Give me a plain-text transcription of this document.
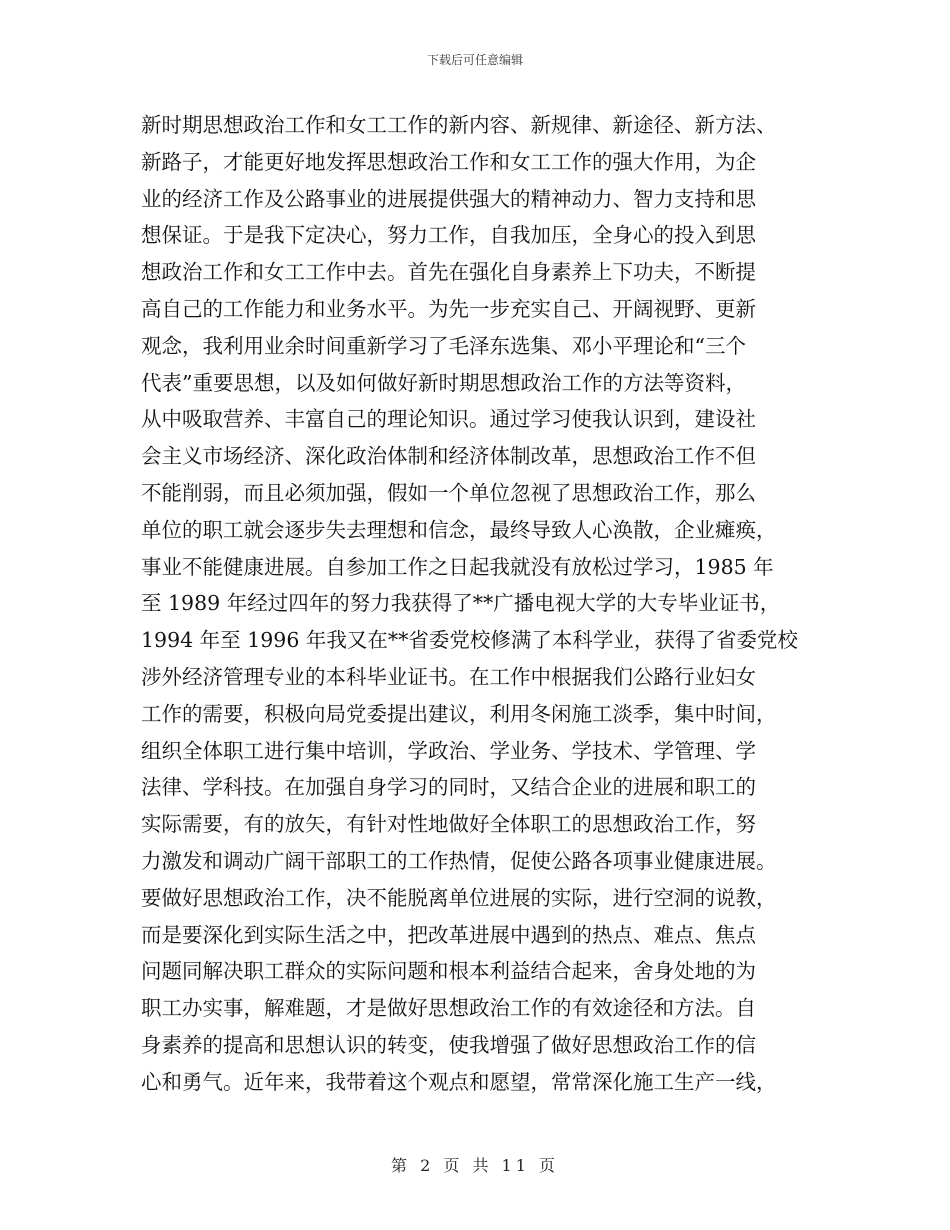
下载后可任意编辑
新时期思想政治工作和女工工作的新内容、新规律、新途径、新方法、
新路子，才能更好地发挥思想政治工作和女工工作的强大作用，为企
业的经济工作及公路事业的进展提供强大的精神动力、智力支持和思
想保证。于是我下定决心，努力工作，自我加压，全身心的投入到思
想政治工作和女工工作中去。首先在强化自身素养上下功夫，不断提
高自己的工作能力和业务水平。为先一步充实自己、开阔视野、更新
观念，我利用业余时间重新学习了毛泽东选集、邓小平理论和“三个
代表”重要思想，以及如何做好新时期思想政治工作的方法等资料，
从中吸取营养、丰富自己的理论知识。通过学习使我认识到，建设社
会主义市场经济、深化政治体制和经济体制改革，思想政治工作不但
不能削弱，而且必须加强，假如一个单位忽视了思想政治工作，那么
单位的职工就会逐步失去理想和信念，最终导致人心涣散，企业瘫痪，
事业不能健康进展。自参加工作之日起我就没有放松过学习，1985 年
至 1989 年经过四年的努力我获得了**广播电视大学的大专毕业证书，
1994 年至 1996 年我又在**省委党校修满了本科学业，获得了省委党校
涉外经济管理专业的本科毕业证书。在工作中根据我们公路行业妇女
工作的需要，积极向局党委提出建议，利用冬闲施工淡季，集中时间，
组织全体职工进行集中培训，学政治、学业务、学技术、学管理、学
法律、学科技。在加强自身学习的同时，又结合企业的进展和职工的
实际需要，有的放矢，有针对性地做好全体职工的思想政治工作，努
力激发和调动广阔干部职工的工作热情，促使公路各项事业健康进展。
要做好思想政治工作，决不能脱离单位进展的实际，进行空洞的说教，
而是要深化到实际生活之中，把改革进展中遇到的热点、难点、焦点
问题同解决职工群众的实际问题和根本利益结合起来，舍身处地的为
职工办实事，解难题，才是做好思想政治工作的有效途径和方法。自
身素养的提高和思想认识的转变，使我增强了做好思想政治工作的信
心和勇气。近年来，我带着这个观点和愿望，常常深化施工生产一线，
第 2 页 共 11 页
